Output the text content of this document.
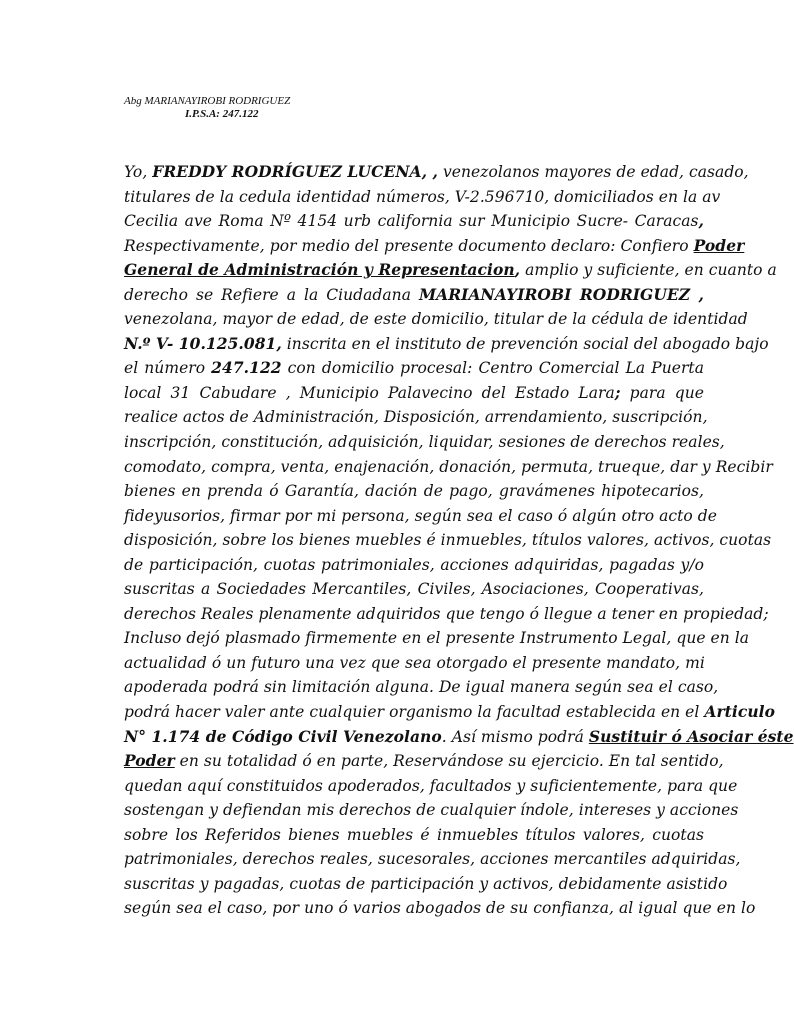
Abg MARIANAYIROBI RODRIGUEZ
I.P.S.A: 247.122
Yo, FREDDY RODRÍGUEZ LUCENA, , venezolanos mayores de edad, casado,
titulares de la cedula identidad números, V-2.596710, domiciliados en la av
Cecilia ave Roma Nº 4154 urb california sur Municipio Sucre- Caracas,
Respectivamente, por medio del presente documento declaro: Confiero Poder
General de Administración y Representacion, amplio y suficiente, en cuanto a
derecho se Refiere a la Ciudadana MARIANAYIROBI RODRIGUEZ ,
venezolana, mayor de edad, de este domicilio, titular de la cédula de identidad
N.º V- 10.125.081, inscrita en el instituto de prevención social del abogado bajo
el número 247.122 con domicilio procesal: Centro Comercial La Puerta
local 31 Cabudare , Municipio Palavecino del Estado Lara; para que
realice actos de Administración, Disposición, arrendamiento, suscripción,
inscripción, constitución, adquisición, liquidar, sesiones de derechos reales,
comodato, compra, venta, enajenación, donación, permuta, trueque, dar y Recibir
bienes en prenda ó Garantía, dación de pago, gravámenes hipotecarios,
fideyusorios, firmar por mi persona, según sea el caso ó algún otro acto de
disposición, sobre los bienes muebles é inmuebles, títulos valores, activos, cuotas
de participación, cuotas patrimoniales, acciones adquiridas, pagadas y/o
suscritas a Sociedades Mercantiles, Civiles, Asociaciones, Cooperativas,
derechos Reales plenamente adquiridos que tengo ó llegue a tener en propiedad;
Incluso dejó plasmado firmemente en el presente Instrumento Legal, que en la
actualidad ó un futuro una vez que sea otorgado el presente mandato, mi
apoderada podrá sin limitación alguna. De igual manera según sea el caso,
podrá hacer valer ante cualquier organismo la facultad establecida en el Articulo
N° 1.174 de Código Civil Venezolano. Así mismo podrá Sustituir ó Asociar éste
Poder en su totalidad ó en parte, Reservándose su ejercicio. En tal sentido,
quedan aquí constituidos apoderados, facultados y suficientemente, para que
sostengan y defiendan mis derechos de cualquier índole, intereses y acciones
sobre los Referidos bienes muebles é inmuebles títulos valores, cuotas
patrimoniales, derechos reales, sucesorales, acciones mercantiles adquiridas,
suscritas y pagadas, cuotas de participación y activos, debidamente asistido
según sea el caso, por uno ó varios abogados de su confianza, al igual que en lo
